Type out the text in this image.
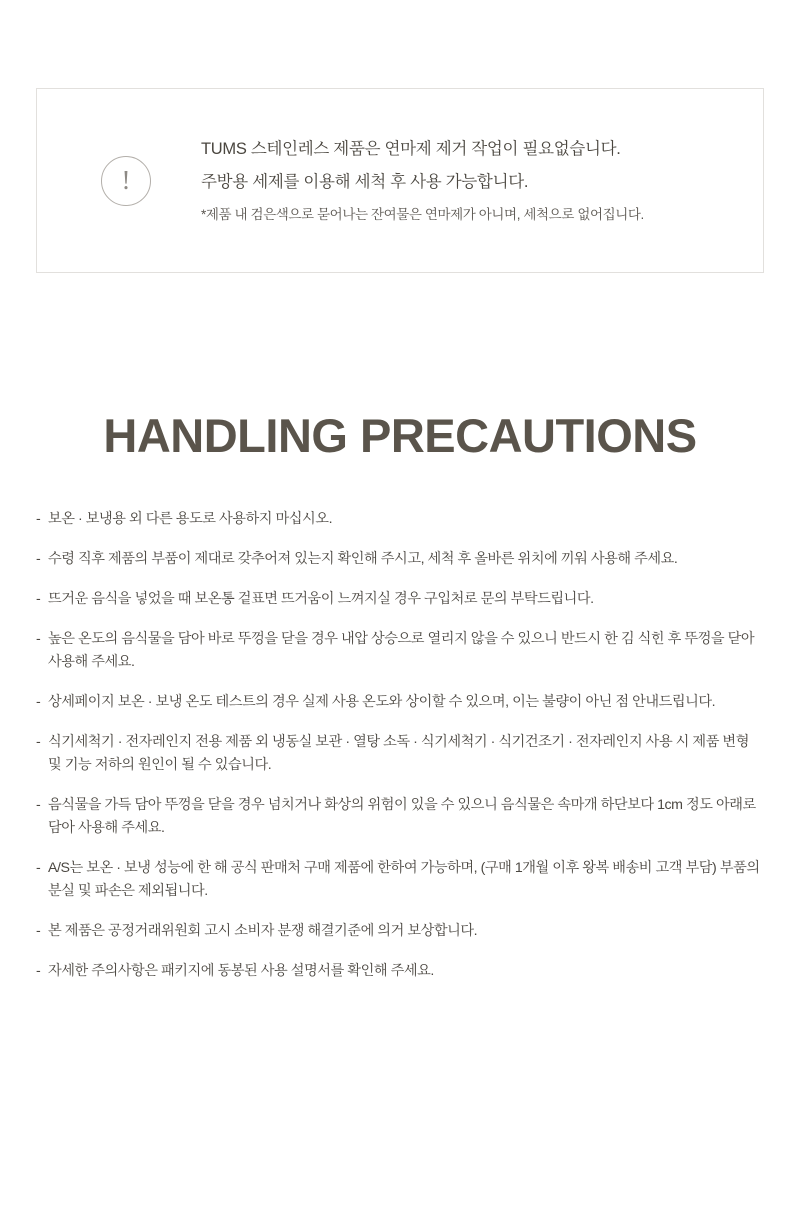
!
TUMS 스테인레스 제품은 연마제 제거 작업이 필요없습니다.
주방용 세제를 이용해 세척 후 사용 가능합니다.
*제품 내 검은색으로 묻어나는 잔여물은 연마제가 아니며, 세척으로 없어집니다.
HANDLING PRECAUTIONS
- 보온 · 보냉용 외 다른 용도로 사용하지 마십시오.
- 수령 직후 제품의 부품이 제대로 갖추어져 있는지 확인해 주시고, 세척 후 올바른 위치에 끼워 사용해 주세요.
- 뜨거운 음식을 넣었을 때 보온통 겉표면 뜨거움이 느껴지실 경우 구입처로 문의 부탁드립니다.
- 높은 온도의 음식물을 담아 바로 뚜껑을 닫을 경우 내압 상승으로 열리지 않을 수 있으니 반드시 한 김 식힌 후 뚜껑을 닫아 사용해 주세요.
- 상세페이지 보온 · 보냉 온도 테스트의 경우 실제 사용 온도와 상이할 수 있으며, 이는 불량이 아닌 점 안내드립니다.
- 식기세척기 · 전자레인지 전용 제품 외 냉동실 보관 · 열탕 소독 · 식기세척기 · 식기건조기 · 전자레인지 사용 시 제품 변형 및 기능 저하의 원인이 될 수 있습니다.
- 음식물을 가득 담아 뚜껑을 닫을 경우 넘치거나 화상의 위험이 있을 수 있으니 음식물은 속마개 하단보다 1cm 정도 아래로 담아 사용해 주세요.
- A/S는 보온 · 보냉 성능에 한 해 공식 판매처 구매 제품에 한하여 가능하며, (구매 1개월 이후 왕복 배송비 고객 부담) 부품의 분실 및 파손은 제외됩니다.
- 본 제품은 공정거래위원회 고시 소비자 분쟁 해결기준에 의거 보상합니다.
- 자세한 주의사항은 패키지에 동봉된 사용 설명서를 확인해 주세요.
